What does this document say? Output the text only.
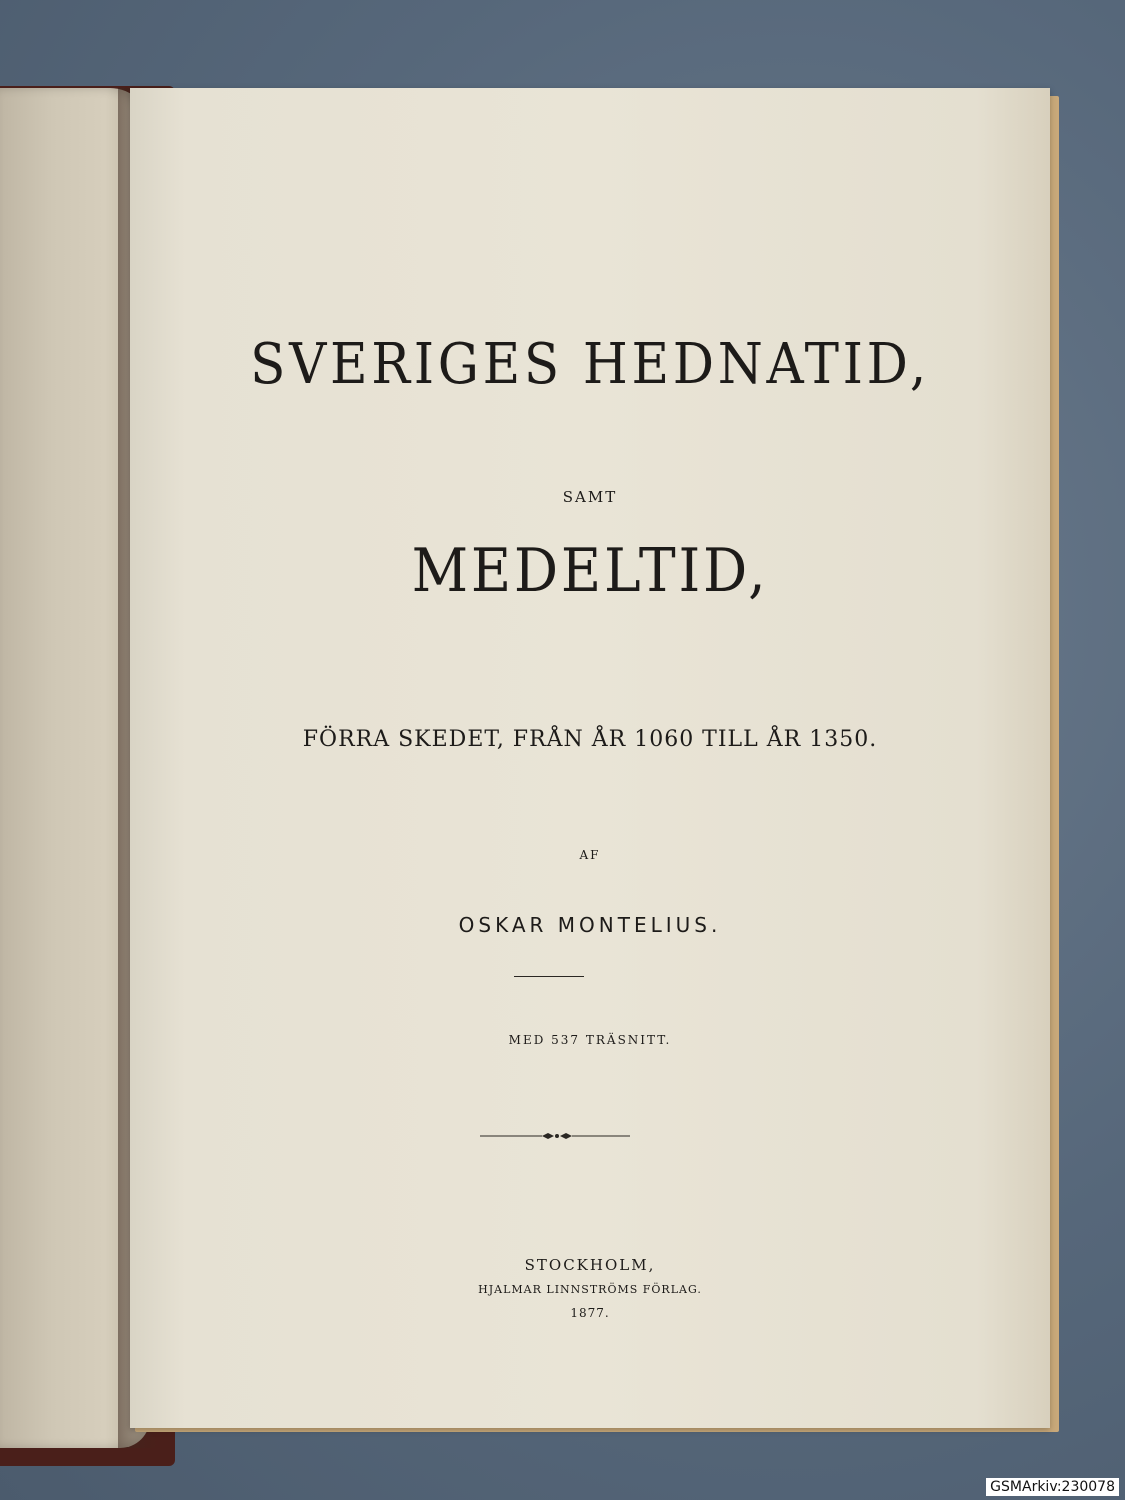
SVERIGES HEDNATID,
SAMT
MEDELTID,
FÖRRA SKEDET, FRÅN ÅR 1060 TILL ÅR 1350.
AF
OSKAR MONTELIUS.
MED 537 TRÄSNITT.
STOCKHOLM,
HJALMAR LINNSTRÖMS FÖRLAG.
1877.
GSMArkiv:230078
